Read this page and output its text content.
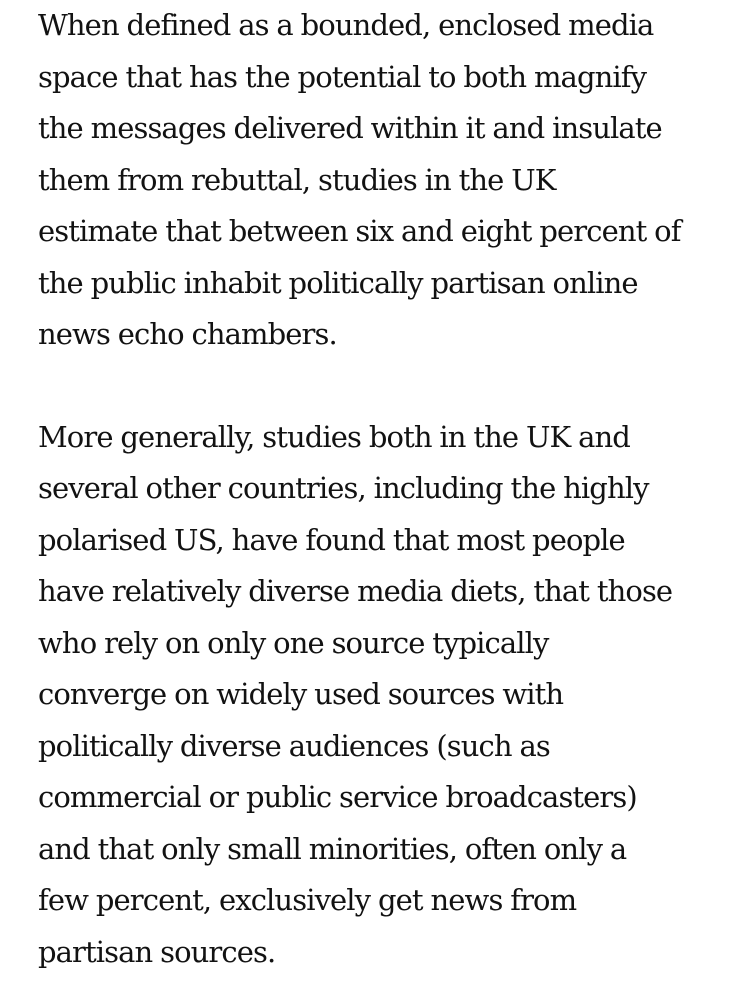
When defined as a bounded, enclosed media
space that has the potential to both magnify
the messages delivered within it and insulate
them from rebuttal, studies in the UK
estimate that between six and eight percent of
the public inhabit politically partisan online
news echo chambers.

More generally, studies both in the UK and
several other countries, including the highly
polarised US, have found that most people
have relatively diverse media diets, that those
who rely on only one source typically
converge on widely used sources with
politically diverse audiences (such as
commercial or public service broadcasters)
and that only small minorities, often only a
few percent, exclusively get news from
partisan sources.
